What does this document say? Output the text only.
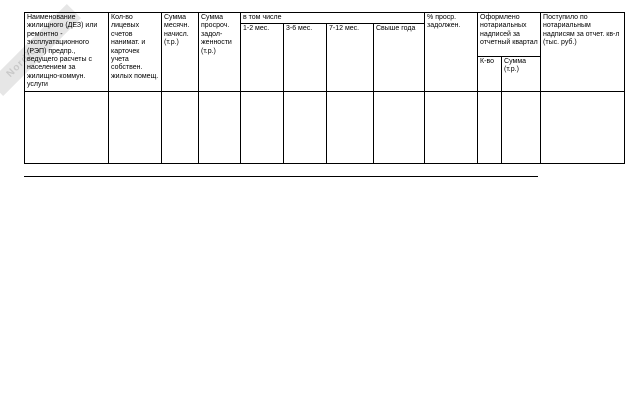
Nordic
Наименование жилищного (ДЕЗ) или ремонтно - эксплуатационного (РЭП) предпр., ведущего расчеты с населением за жилищно-коммун. услуги	Кол-во лицевых счетов нанимат. и карточек учета собствен. жилых помещ.	Сумма месячн. начисл. (т.р.)	Сумма просроч. задол-женности (т.р.)	в том числе				% проср. задолжен.	Оформлено нотариальных надписей за отчетный квартал		Поступило по нотариальным надписям за отчет. кв-л (тыс. руб.)
				1-2 мес.	3-6 мес.	7-12 мес.	Свыше года				
									К-во	Сумма (т.р.)	
